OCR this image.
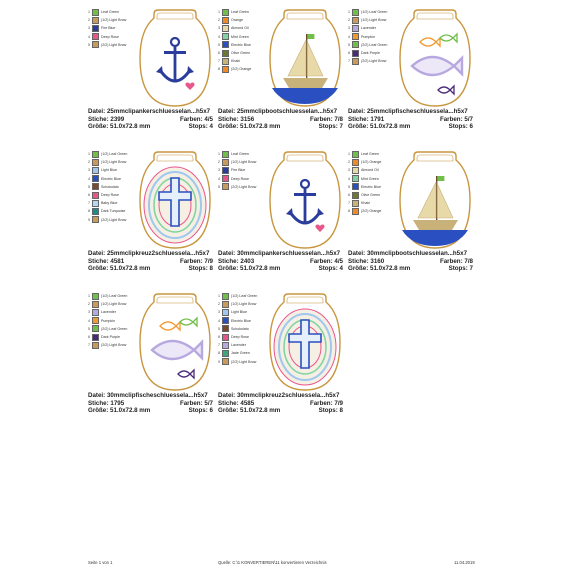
1	Leaf Green
2	(1/2) Light Brow
3	Fire Blue
4	Deep Rose
5	(2/2) Light Brow
Datei: 25mmclipankerschluesselan...h5x7
Stiche: 2399	Farben: 4/5
Größe: 51.0x72.8 mm	Stops: 4
1	Leaf Green
2	Orange
3	Almond Oil
4	Mint Green
5	Electric Blue
6	Olive Green
7	Khaki
8	(2/2) Orange
Datei: 25mmclipbootschluesselan...h5x7
Stiche: 3156	Farben: 7/8
Größe: 51.0x72.8 mm	Stops: 7
1	(1/2) Leaf Green
2	(1/2) Light Brow
3	Lavender
4	Pumpkin
5	(2/2) Leaf Green
6	Dark Purple
7	(2/2) Light Brow
Datei: 25mmclipfischeschluessela...h5x7
Stiche: 1791	Farben: 5/7
Größe: 51.0x72.8 mm	Stops: 6
1	(1/2) Leaf Green
2	(1/2) Light Brow
3	Light Blue
4	Electric Blue
5	Schokolato
6	Deep Rose
7	Baby Blue
8	Dark Turquoise
9	(2/2) Light Brow
Datei: 25mmclipkreuz2schluessela...h5x7
Stiche: 4581	Farben: 7/9
Größe: 51.0x72.8 mm	Stops: 8
1	Leaf Green
2	(1/2) Light Brow
3	Fire Blue
4	Deep Rose
5	(2/2) Light Brow
Datei: 30mmclipankerschluesselan...h5x7
Stiche: 2403	Farben: 4/5
Größe: 51.0x72.8 mm	Stops: 4
1	Leaf Green
2	(1/2) Orange
3	Almond Oil
4	Mint Green
5	Electric Blue
6	Olive Green
7	Khaki
8	(2/2) Orange
Datei: 30mmclipbootschluesselan...h5x7
Stiche: 3160	Farben: 7/8
Größe: 51.0x72.8 mm	Stops: 7
1	(1/2) Leaf Green
2	(1/2) Light Brow
3	Lavender
4	Pumpkin
5	(2/2) Leaf Green
6	Dark Purple
7	(2/2) Light Brow
Datei: 30mmclipfischeschluessela...h5x7
Stiche: 1795	Farben: 5/7
Größe: 51.0x72.8 mm	Stops: 6
1	(1/2) Leaf Green
2	(1/2) Light Brow
3	Light Blue
4	Electric Blue
5	Schokolato
6	Deep Rose
7	Lavender
8	Jade Green
9	(2/2) Light Brow
Datei: 30mmclipkreuz2schluessela...h5x7
Stiche: 4585	Farben: 7/9
Größe: 51.0x72.8 mm	Stops: 8
Seite 1 von 1	Quelle: C:\1 KONVERTIEREN\11 konvertieren Verzeichnis	11.04.2019
